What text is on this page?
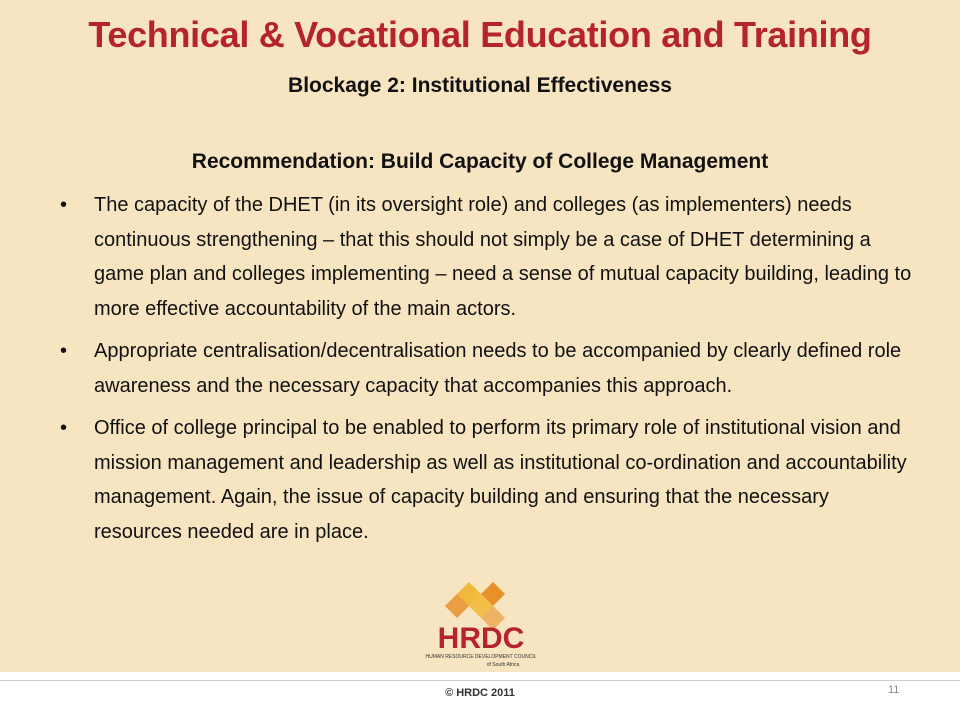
Technical & Vocational Education and Training
Blockage 2: Institutional Effectiveness
Recommendation: Build Capacity of College Management
• The capacity of the DHET (in its oversight role) and colleges (as implementers) needs continuous strengthening – that this should not simply be a case of DHET determining a game plan and colleges implementing – need a sense of mutual capacity building, leading to more effective accountability of the main actors.
• Appropriate centralisation/decentralisation needs to be accompanied by clearly defined role awareness and the necessary capacity that accompanies this approach.
• Office of college principal to be enabled to perform its primary role of institutional vision and mission management and leadership as well as institutional co-ordination and accountability management. Again, the issue of capacity building and ensuring that the necessary resources needed are in place.
HRDC
HUMAN RESOURCE DEVELOPMENT COUNCIL
of South Africa
© HRDC 2011	11
